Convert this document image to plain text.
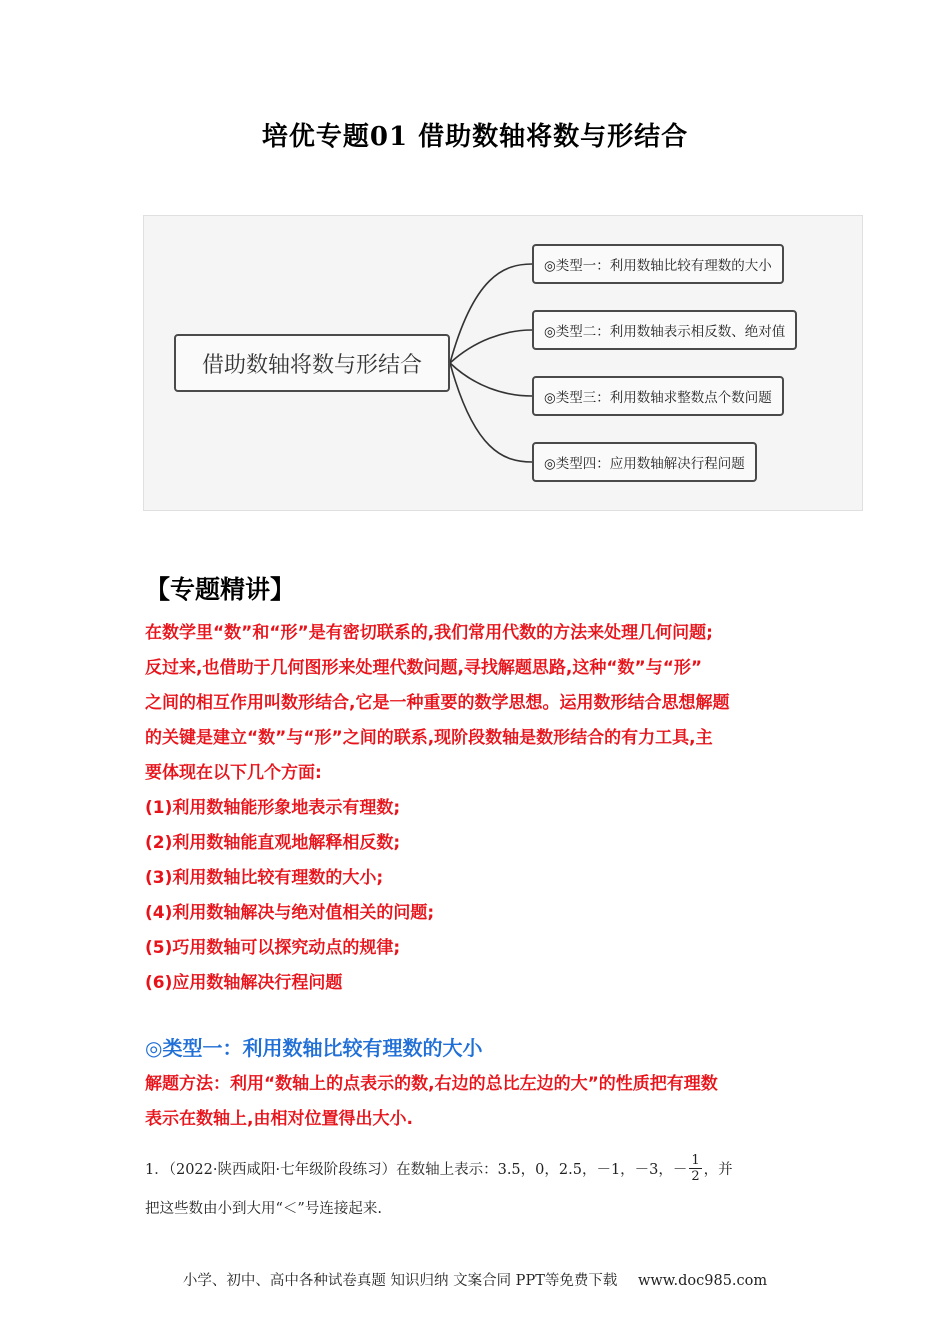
培优专题01 借助数轴将数与形结合
借助数轴将数与形结合
◎类型一：利用数轴比较有理数的大小
◎类型二：利用数轴表示相反数、绝对值
◎类型三：利用数轴求整数点个数问题
◎类型四：应用数轴解决行程问题
【专题精讲】

在数学里“数”和“形”是有密切联系的,我们常用代数的方法来处理几何问题;

反过来,也借助于几何图形来处理代数问题,寻找解题思路,这种“数”与“形”

之间的相互作用叫数形结合,它是一种重要的数学思想。运用数形结合思想解题

的关键是建立“数”与“形”之间的联系,现阶段数轴是数形结合的有力工具,主

要体现在以下几个方面:

(1)利用数轴能形象地表示有理数;

(2)利用数轴能直观地解释相反数;

(3)利用数轴比较有理数的大小;

(4)利用数轴解决与绝对值相关的问题;

(5)巧用数轴可以探究动点的规律;

(6)应用数轴解决行程问题

◎类型一：利用数轴比较有理数的大小

解题方法：利用“数轴上的点表示的数,右边的总比左边的大”的性质把有理数

表示在数轴上,由相对位置得出大小.

1．（2022·陕西咸阳·七年级阶段练习）在数轴上表示：3.5，0，2.5，－1，－3，－ $\frac{1}{2}$ ，并
把这些数由小到大用“＜”号连接起来.
小学、初中、高中各种试卷真题 知识归纳 文案合同 PPT等免费下载 www.doc985.com
